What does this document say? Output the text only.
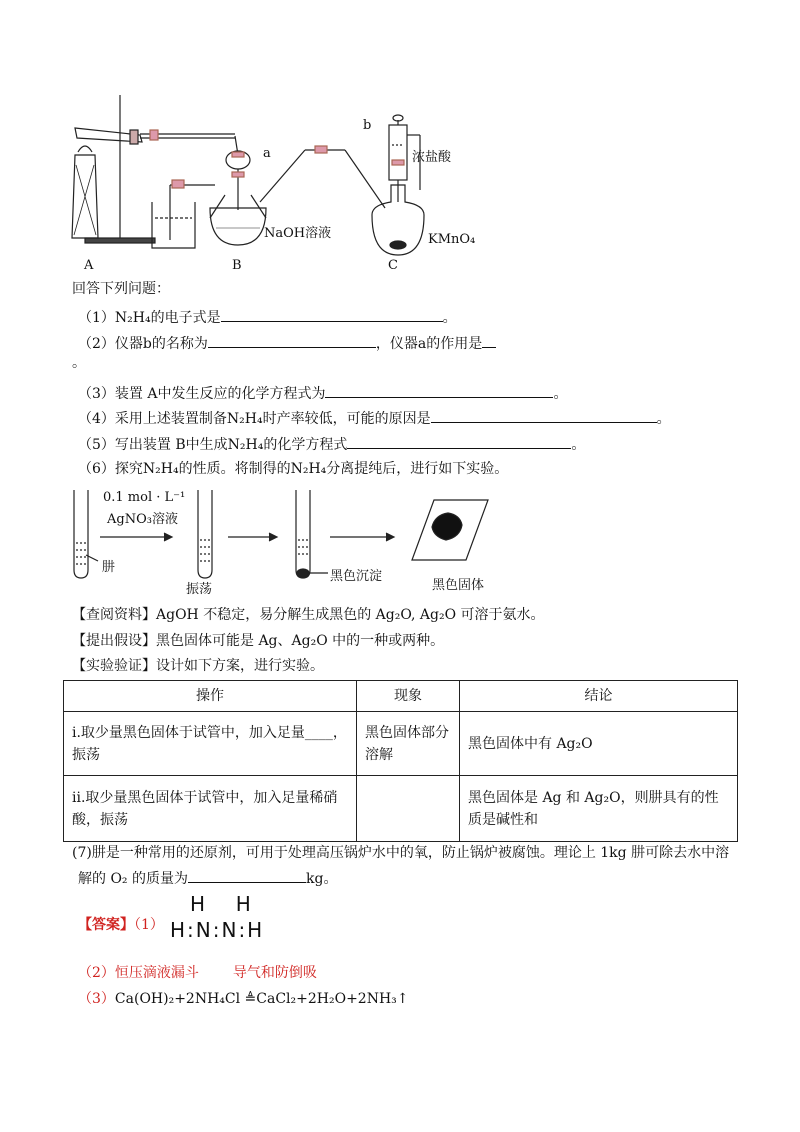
a
b
浓盐酸
NaOH溶液	KMnO₄
A	B	C
回答下列问题：
（1）N₂H₄的电子式是	。
（2）仪器b的名称为	，仪器a的作用是
。
（3）装置 A中发生反应的化学方程式为	。
（4）采用上述装置制备N₂H₄时产率较低，可能的原因是	。
（5）写出装置 B中生成N₂H₄的化学方程式	。
（6）探究N₂H₄的性质。将制得的N₂H₄分离提纯后，进行如下实验。
0.1 mol · L⁻¹
AgNO₃溶液
肼
振荡
黑色沉淀
黑色固体
【查阅资料】AgOH 不稳定，易分解生成黑色的 Ag₂O, Ag₂O 可溶于氨水。
【提出假设】黑色固体可能是 Ag、Ag₂O 中的一种或两种。
【实验验证】设计如下方案，进行实验。
操作	现象	结论
i.取少量黑色固体于试管中，加入足量____，振荡	黑色固体部分溶解	黑色固体中有 Ag₂O
ii.取少量黑色固体于试管中，加入足量稀硝酸，振荡		黑色固体是 Ag 和 Ag₂O，则肼具有的性质是碱性和
(7)肼是一种常用的还原剂，可用于处理高压锅炉水中的氧，防止锅炉被腐蚀。理论上 1kg 肼可除去水中溶
解的 O₂ 的质量为	kg。
【答案】（1）
H  H
H:N:N:H
（2）恒压滴液漏斗 导气和防倒吸
（3）Ca(OH)₂+2NH₄Cl ≜CaCl₂+2H₂O+2NH₃↑
